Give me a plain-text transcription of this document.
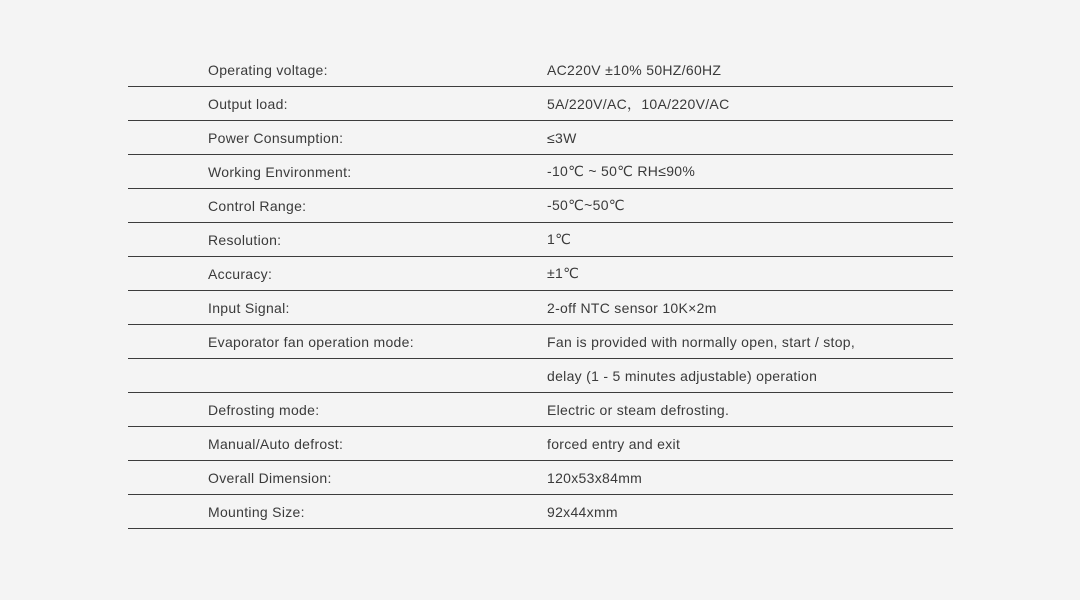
Operating voltage:	AC220V ±10% 50HZ/60HZ
Output load:	5A/220V/AC，10A/220V/AC
Power Consumption:	≤3W
Working Environment:	-10℃ ~ 50℃ RH≤90%
Control Range:	-50℃~50℃
Resolution:	1℃
Accuracy:	±1℃
Input Signal:	2-off NTC sensor 10K×2m
Evaporator fan operation mode:	Fan is provided with normally open, start / stop,
	delay (1 - 5 minutes adjustable) operation
Defrosting mode:	Electric or steam defrosting.
Manual/Auto defrost:	forced entry and exit
Overall Dimension:	120x53x84mm
Mounting Size:	92x44xmm
